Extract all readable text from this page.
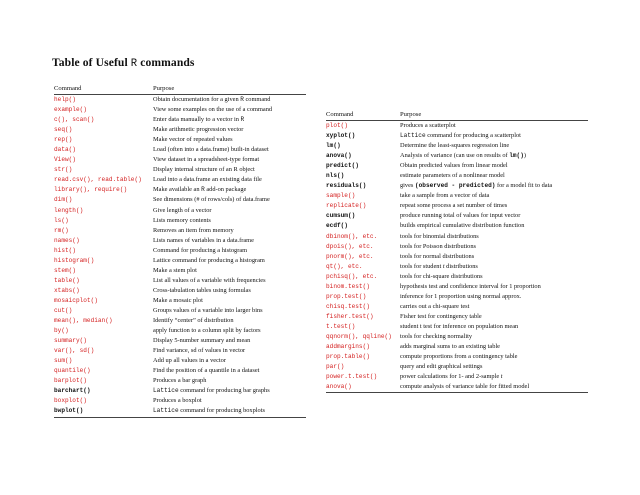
Table of Useful R commands
Command	Purpose
help()	Obtain documentation for a given R command
example()	View some examples on the use of a command
c(), scan()	Enter data manually to a vector in R
seq()	Make arithmetic progression vector
rep()	Make vector of repeated values
data()	Load (often into a data.frame) built-in dataset
View()	View dataset in a spreadsheet-type format
str()	Display internal structure of an R object
read.csv(), read.table()	Load into a data.frame an existing data file
library(), require()	Make available an R add-on package
dim()	See dimensions (# of rows/cols) of data.frame
length()	Give length of a vector
ls()	Lists memory contents
rm()	Removes an item from memory
names()	Lists names of variables in a data.frame
hist()	Command for producing a histogram
histogram()	Lattice command for producing a histogram
stem()	Make a stem plot
table()	List all values of a variable with frequencies
xtabs()	Cross-tabulation tables using formulas
mosaicplot()	Make a mosaic plot
cut()	Groups values of a variable into larger bins
mean(), median()	Identify “center” of distribution
by()	apply function to a column split by factors
summary()	Display 5-number summary and mean
var(), sd()	Find variance, sd of values in vector
sum()	Add up all values in a vector
quantile()	Find the position of a quantile in a dataset
barplot()	Produces a bar graph
barchart()	Lattice command for producing bar graphs
boxplot()	Produces a boxplot
bwplot()	Lattice command for producing boxplots
Command	Purpose
plot()	Produces a scatterplot
xyplot()	Lattice command for producing a scatterplot
lm()	Determine the least-squares regression line
anova()	Analysis of variance (can use on results of lm())
predict()	Obtain predicted values from linear model
nls()	estimate parameters of a nonlinear model
residuals()	gives (observed - predicted) for a model fit to data
sample()	take a sample from a vector of data
replicate()	repeat some process a set number of times
cumsum()	produce running total of values for input vector
ecdf()	builds empirical cumulative distribution function
dbinom(), etc.	tools for binomial distributions
dpois(), etc.	tools for Poisson distributions
pnorm(), etc.	tools for normal distributions
qt(), etc.	tools for student t distributions
pchisq(), etc.	tools for chi-square distributions
binom.test()	hypothesis test and confidence interval for 1 proportion
prop.test()	inference for 1 proportion using normal approx.
chisq.test()	carries out a chi-square test
fisher.test()	Fisher test for contingency table
t.test()	student t test for inference on population mean
qqnorm(), qqline()	tools for checking normality
addmargins()	adds marginal sums to an existing table
prop.table()	compute proportions from a contingency table
par()	query and edit graphical settings
power.t.test()	power calculations for 1- and 2-sample t
anova()	compute analysis of variance table for fitted model
